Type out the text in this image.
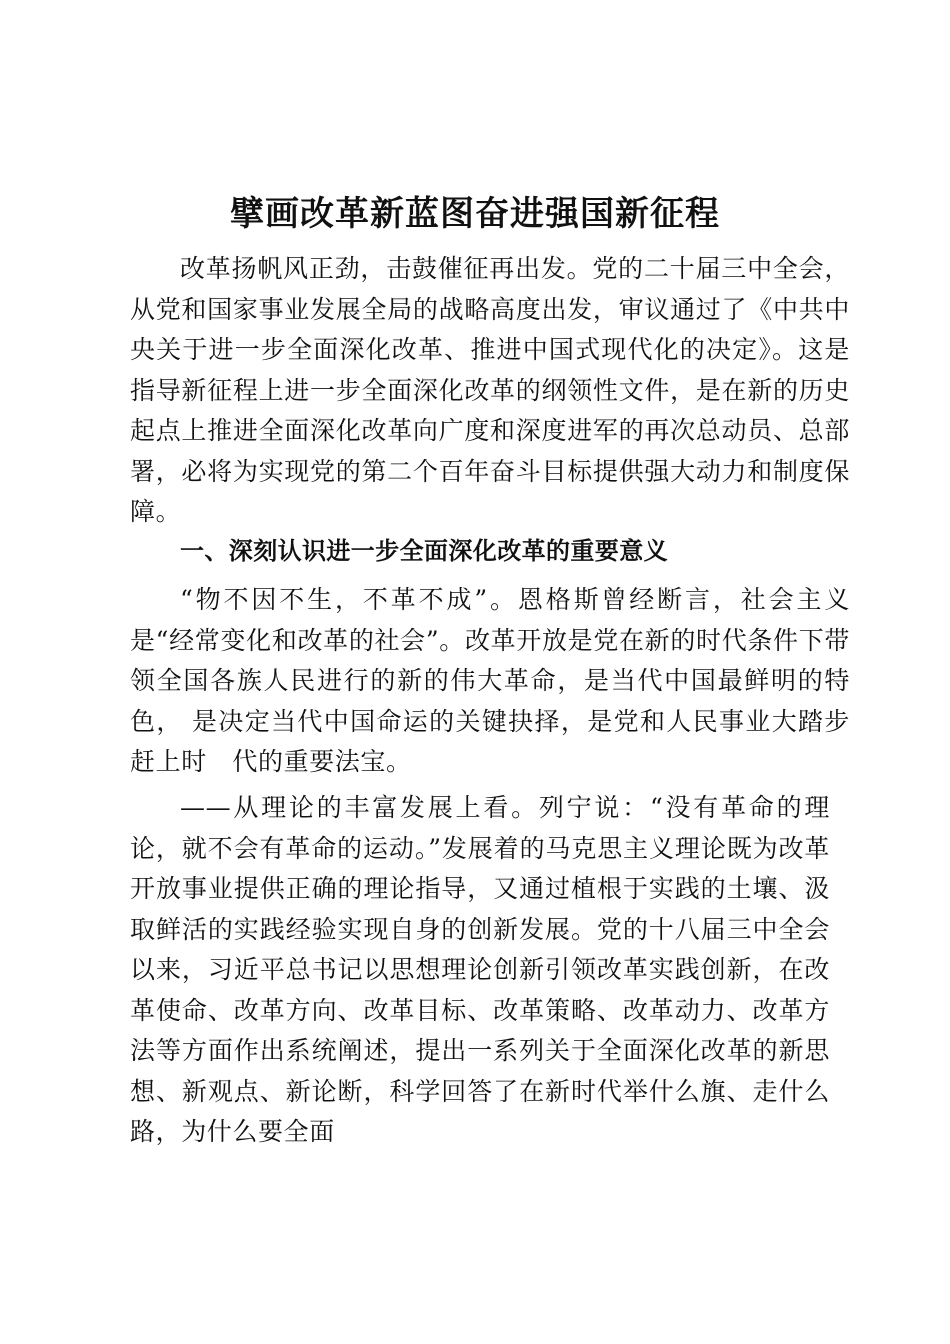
擘画改革新蓝图奋进强国新征程

改革扬帆风正劲，击鼓催征再出发。党的二十届三中全会，从党和国家事业发展全局的战略高度出发，审议通过了《中共中央关于进一步全面深化改革、推进中国式现代化的决定》。这是指导新征程上进一步全面深化改革的纲领性文件，是在新的历史起点上推进全面深化改革向广度和深度进军的再次总动员、总部署，必将为实现党的第二个百年奋斗目标提供强大动力和制度保障。

一、深刻认识进一步全面深化改革的重要意义

“物不因不生，不革不成”。恩格斯曾经断言，社会主义是“经常变化和改革的社会”。改革开放是党在新的时代条件下带领全国各族人民进行的新的伟大革命，是当代中国最鲜明的特色， 是决定当代中国命运的关键抉择，是党和人民事业大踏步赶上时　代的重要法宝。

——从理论的丰富发展上看。列宁说：“没有革命的理论，就不会有革命的运动。”发展着的马克思主义理论既为改革开放事业提供正确的理论指导，又通过植根于实践的土壤、汲取鲜活的实践经验实现自身的创新发展。党的十八届三中全会以来，习近平总书记以思想理论创新引领改革实践创新，在改革使命、改革方向、改革目标、改革策略、改革动力、改革方法等方面作出系统阐述，提出一系列关于全面深化改革的新思想、新观点、新论断，科学回答了在新时代举什么旗、走什么路，为什么要全面
